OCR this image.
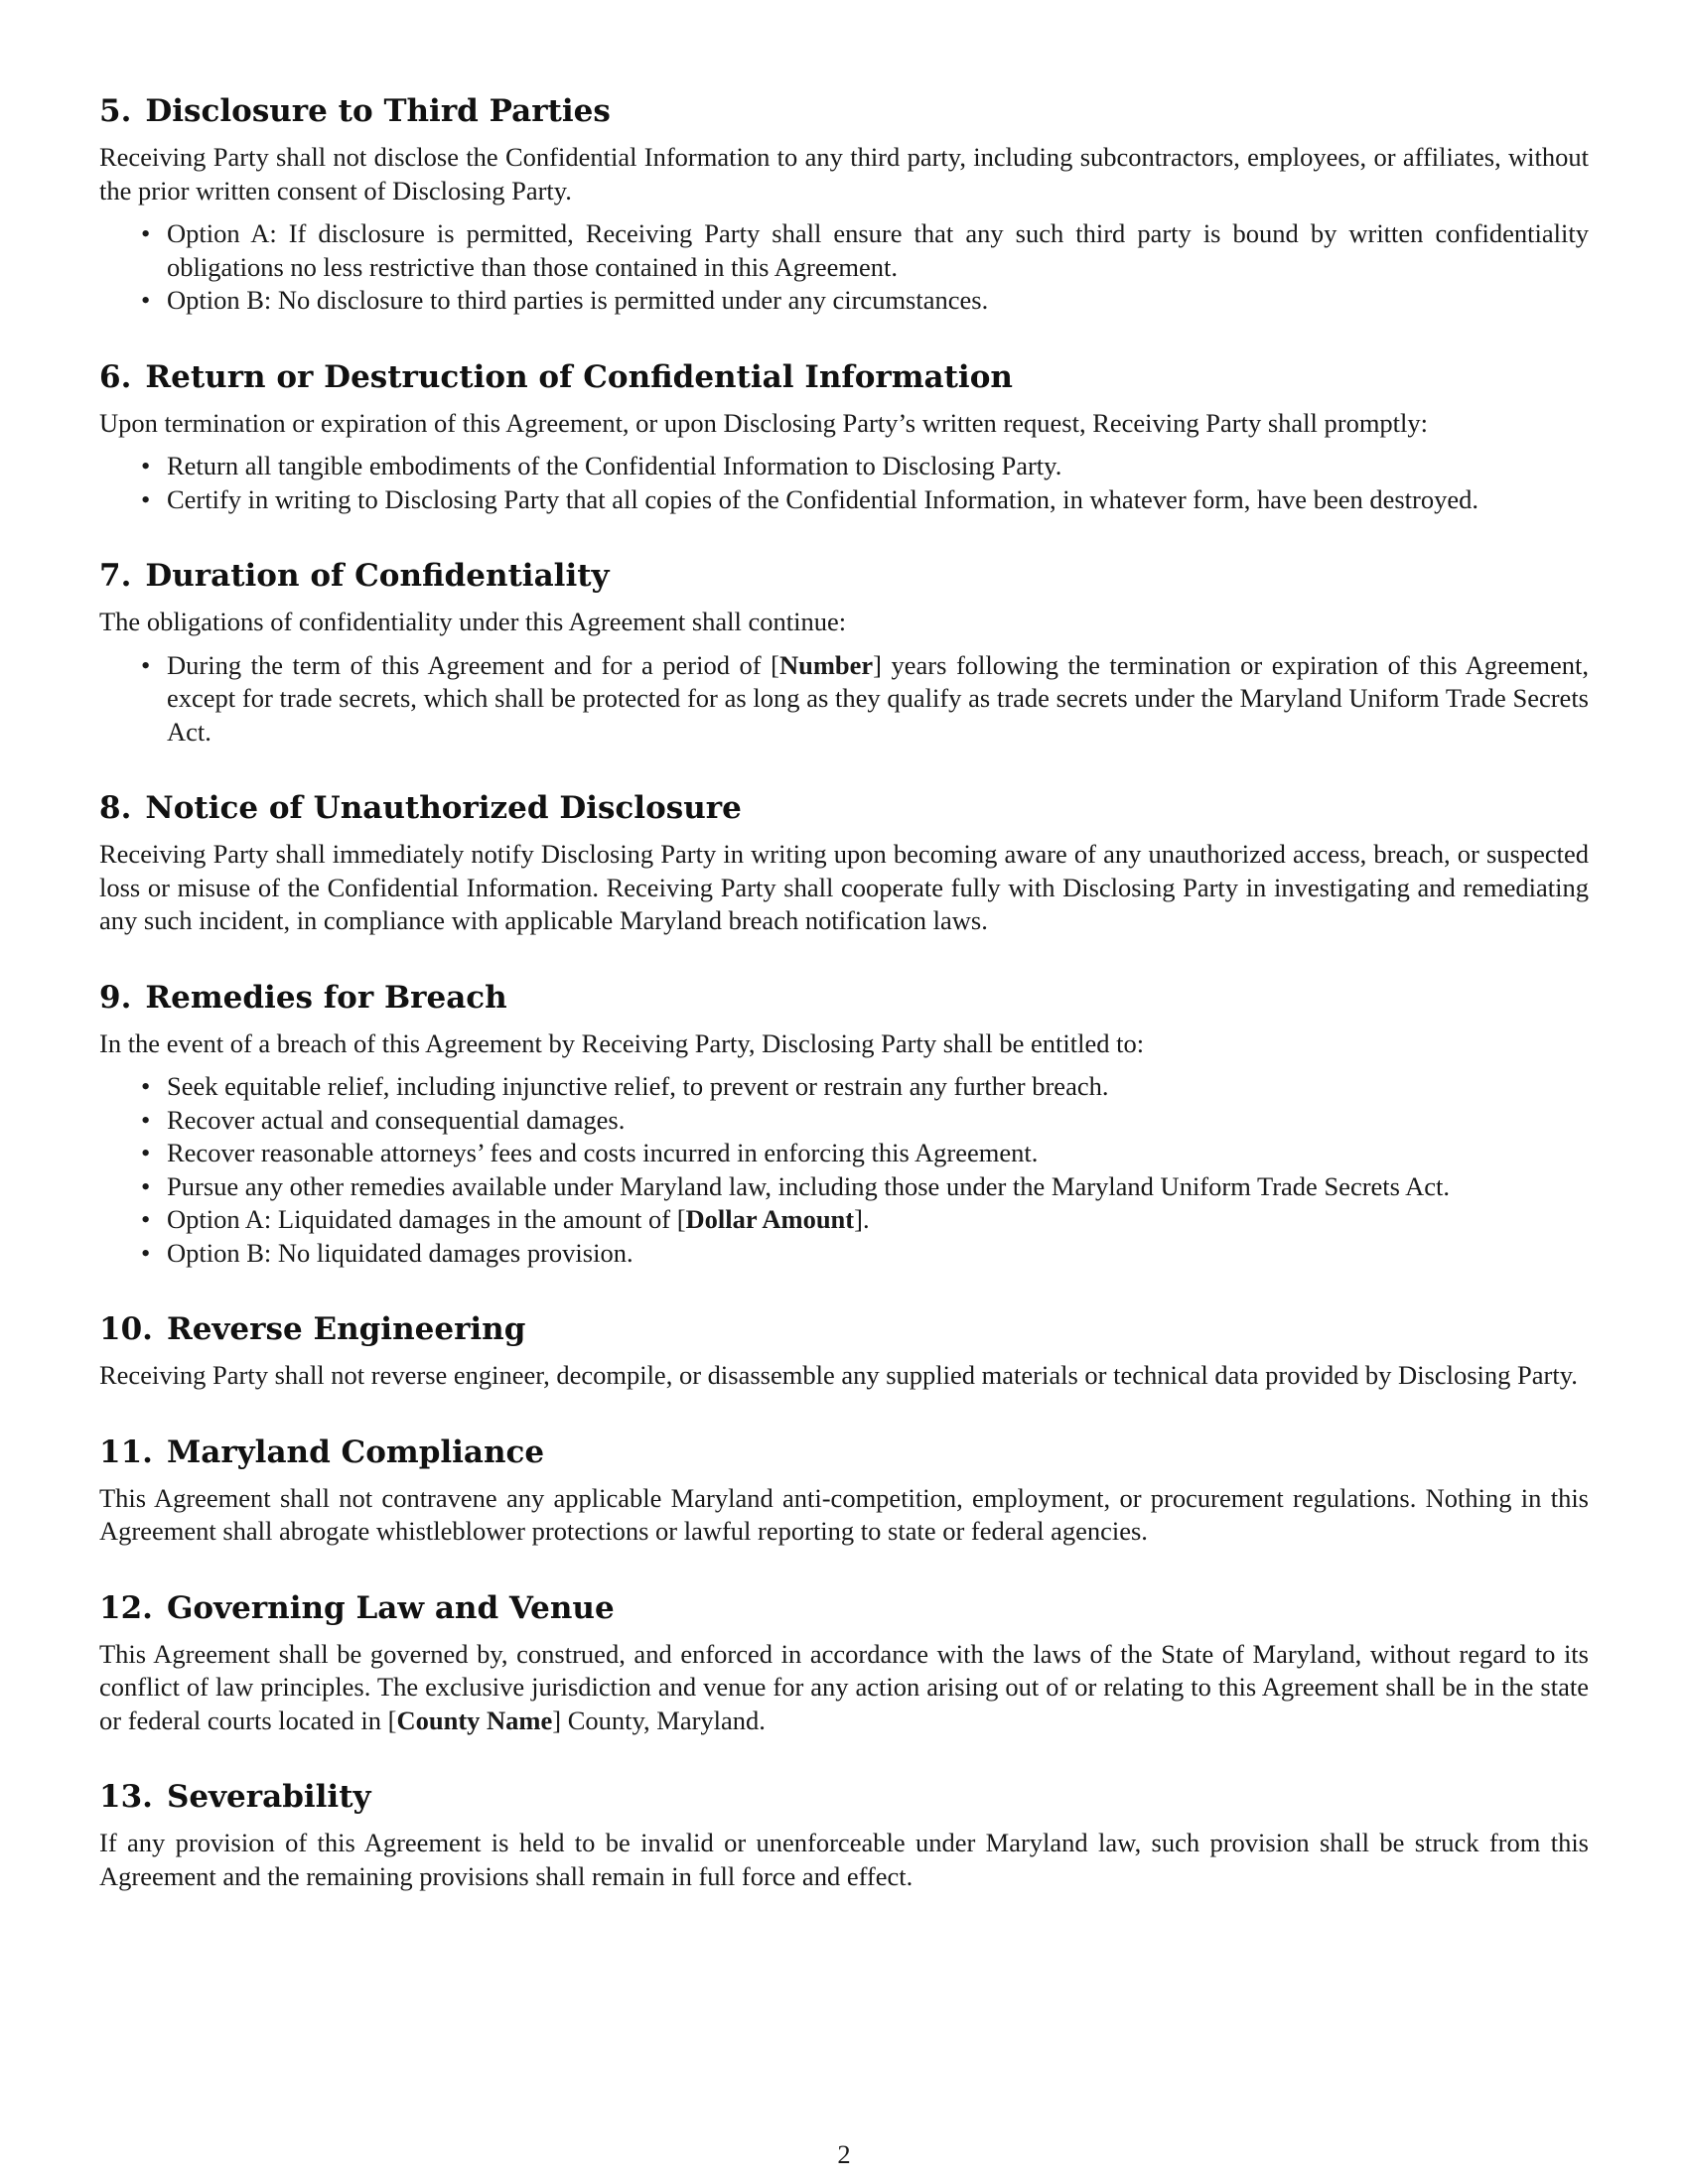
5. Disclosure to Third Parties

Receiving Party shall not disclose the Confidential Information to any third party, including subcontractors, employees, or affiliates, without the prior written consent of Disclosing Party.

• Option A: If disclosure is permitted, Receiving Party shall ensure that any such third party is bound by written confidentiality obligations no less restrictive than those contained in this Agreement.
• Option B: No disclosure to third parties is permitted under any circumstances.
6. Return or Destruction of Confidential Information

Upon termination or expiration of this Agreement, or upon Disclosing Party’s written request, Receiving Party shall promptly:

• Return all tangible embodiments of the Confidential Information to Disclosing Party.
• Certify in writing to Disclosing Party that all copies of the Confidential Information, in whatever form, have been destroyed.
7. Duration of Confidentiality

The obligations of confidentiality under this Agreement shall continue:

• During the term of this Agreement and for a period of [Number] years following the termination or expiration of this Agreement, except for trade secrets, which shall be protected for as long as they qualify as trade secrets under the Maryland Uniform Trade Secrets Act.
8. Notice of Unauthorized Disclosure

Receiving Party shall immediately notify Disclosing Party in writing upon becoming aware of any unauthorized access, breach, or suspected loss or misuse of the Confidential Information. Receiving Party shall cooperate fully with Disclosing Party in investigating and remediating any such incident, in compliance with applicable Maryland breach notification laws.

9. Remedies for Breach

In the event of a breach of this Agreement by Receiving Party, Disclosing Party shall be entitled to:

• Seek equitable relief, including injunctive relief, to prevent or restrain any further breach.
• Recover actual and consequential damages.
• Recover reasonable attorneys’ fees and costs incurred in enforcing this Agreement.
• Pursue any other remedies available under Maryland law, including those under the Maryland Uniform Trade Secrets Act.
• Option A: Liquidated damages in the amount of [Dollar Amount].
• Option B: No liquidated damages provision.
10. Reverse Engineering

Receiving Party shall not reverse engineer, decompile, or disassemble any supplied materials or technical data provided by Disclosing Party.

11. Maryland Compliance

This Agreement shall not contravene any applicable Maryland anti-competition, employment, or procurement regulations. Nothing in this Agreement shall abrogate whistleblower protections or lawful reporting to state or federal agencies.

12. Governing Law and Venue

This Agreement shall be governed by, construed, and enforced in accordance with the laws of the State of Maryland, without regard to its conflict of law principles. The exclusive jurisdiction and venue for any action arising out of or relating to this Agreement shall be in the state or federal courts located in [County Name] County, Maryland.

13. Severability

If any provision of this Agreement is held to be invalid or unenforceable under Maryland law, such provision shall be struck from this Agreement and the remaining provisions shall remain in full force and effect.

2
